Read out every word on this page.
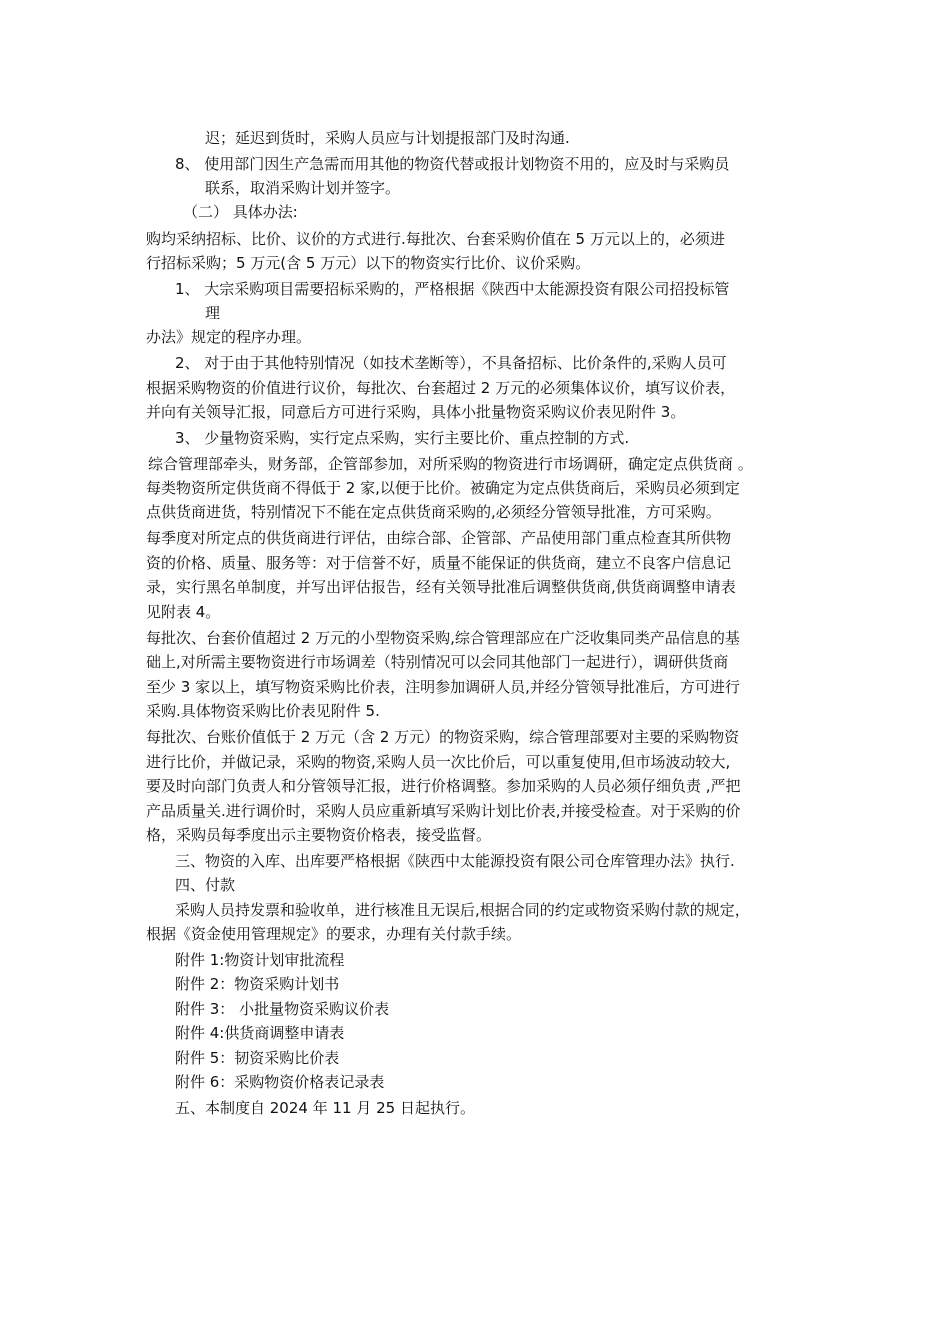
迟；延迟到货时，采购人员应与计划提报部门及时沟通.
8、 使用部门因生产急需而用其他的物资代替或报计划物资不用的，应及时与采购员
联系，取消采购计划并签字。
（二） 具体办法:
购均采纳招标、比价、议价的方式进行.每批次、台套采购价值在 5 万元以上的，必须进
行招标采购；5 万元(含 5 万元）以下的物资实行比价、议价采购。
1、 大宗采购项目需要招标采购的，严格根据《陕西中太能源投资有限公司招投标管
理
办法》规定的程序办理。
2、 对于由于其他特别情况（如技术垄断等），不具备招标、比价条件的,采购人员可
根据采购物资的价值进行议价，每批次、台套超过 2 万元的必须集体议价，填写议价表，
并向有关领导汇报，同意后方可进行采购，具体小批量物资采购议价表见附件 3。
3、 少量物资采购，实行定点采购，实行主要比价、重点控制的方式.
综合管理部牵头，财务部，企管部参加，对所采购的物资进行市场调研，确定定点供货商 。
每类物资所定供货商不得低于 2 家,以便于比价。被确定为定点供货商后，采购员必须到定
点供货商进货，特别情况下不能在定点供货商采购的,必须经分管领导批准，方可采购。
每季度对所定点的供货商进行评估，由综合部、企管部、产品使用部门重点检查其所供物
资的价格、质量、服务等：对于信誉不好，质量不能保证的供货商，建立不良客户信息记
录，实行黑名单制度，并写出评估报告，经有关领导批准后调整供货商,供货商调整申请表
见附表 4。
每批次、台套价值超过 2 万元的小型物资采购,综合管理部应在广泛收集同类产品信息的基
础上,对所需主要物资进行市场调差（特别情况可以会同其他部门一起进行），调研供货商
至少 3 家以上，填写物资采购比价表，注明参加调研人员,并经分管领导批准后，方可进行
采购.具体物资采购比价表见附件 5.
每批次、台账价值低于 2 万元（含 2 万元）的物资采购，综合管理部要对主要的采购物资
进行比价，并做记录，采购的物资,采购人员一次比价后，可以重复使用,但市场波动较大,
要及时向部门负责人和分管领导汇报，进行价格调整。参加采购的人员必须仔细负责 ,严把
产品质量关.进行调价时，采购人员应重新填写采购计划比价表,并接受检查。对于采购的价
格，采购员每季度出示主要物资价格表，接受监督。
三、物资的入库、出库要严格根据《陕西中太能源投资有限公司仓库管理办法》执行.
四、付款
采购人员持发票和验收单，进行核准且无误后,根据合同的约定或物资采购付款的规定，
根据《资金使用管理规定》的要求，办理有关付款手续。
附件 1:物资计划审批流程
附件 2：物资采购计划书
附件 3： 小批量物资采购议价表
附件 4:供货商调整申请表
附件 5：韧资采购比价表
附件 6：采购物资价格表记录表
五、本制度自 2024 年 11 月 25 日起执行。
